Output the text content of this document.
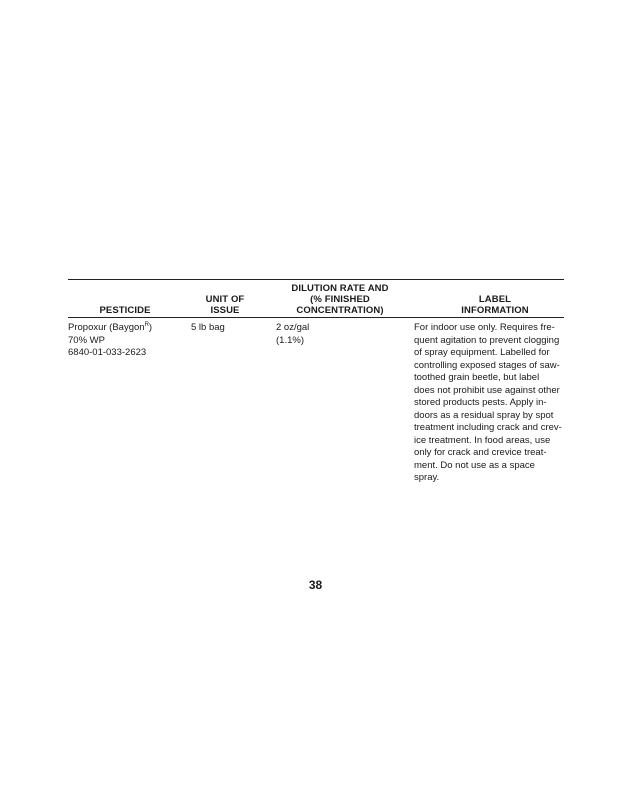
PESTICIDE
UNIT OF
ISSUE
DILUTION RATE AND
(% FINISHED
CONCENTRATION)
LABEL
INFORMATION
Propoxur (Baygon$^R$)
70% WP
6840-01-033-2623
5 lb bag	2 oz/gal
(1.1%)
For indoor use only. Requires fre-
quent agitation to prevent clogging
of spray equipment. Labelled for
controlling exposed stages of saw-
toothed grain beetle, but label
does not prohibit use against other
stored products pests. Apply in-
doors as a residual spray by spot
treatment including crack and crev-
ice treatment. In food areas, use
only for crack and crevice treat-
ment. Do not use as a space
spray.
38
